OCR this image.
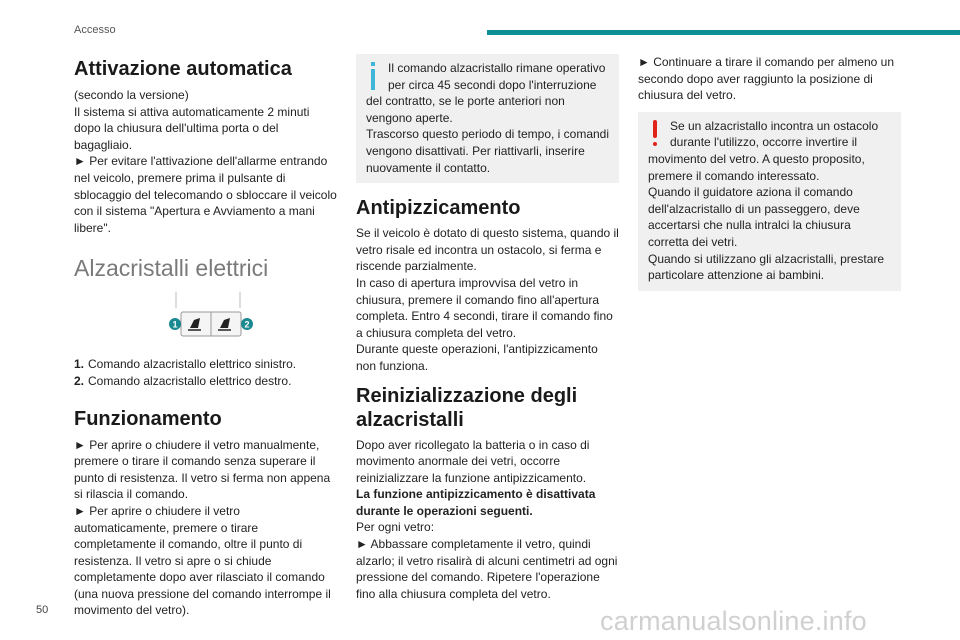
Accesso
Attivazione automatica

(secondo la versione)

Il sistema si attiva automaticamente 2 minuti dopo la chiusura dell'ultima porta o del bagagliaio.

► Per evitare l'attivazione dell'allarme entrando nel veicolo, premere prima il pulsante di sblocaggio del telecomando o sbloccare il veicolo con il sistema "Apertura e Avviamento a mani libere".

Alzacristalli elettrici
1	2

1. Comando alzacristallo elettrico sinistro.

2. Comando alzacristallo elettrico destro.

Funzionamento

► Per aprire o chiudere il vetro manualmente, premere o tirare il comando senza superare il punto di resistenza. Il vetro si ferma non appena si rilascia il comando.

► Per aprire o chiudere il vetro automaticamente, premere o tirare completamente il comando, oltre il punto di resistenza. Il vetro si apre o si chiude completamente dopo aver rilasciato il comando (una nuova pressione del comando interrompe il movimento del vetro).

Il comando alzacristallo rimane operativo per circa 45 secondi dopo l'interruzione del contratto, se le porte anteriori non vengono aperte.

Trascorso questo periodo di tempo, i comandi vengono disattivati. Per riattivarli, inserire nuovamente il contatto.

Antipizzicamento

Se il veicolo è dotato di questo sistema, quando il vetro risale ed incontra un ostacolo, si ferma e riscende parzialmente.

In caso di apertura improvvisa del vetro in chiusura, premere il comando fino all'apertura completa. Entro 4 secondi, tirare il comando fino a chiusura completa del vetro.

Durante queste operazioni, l'antipizzicamento non funziona.

Reinizializzazione degli alzacristalli

Dopo aver ricollegato la batteria o in caso di movimento anormale dei vetri, occorre reinizializzare la funzione antipizzicamento.

La funzione antipizzicamento è disattivata durante le operazioni seguenti.

Per ogni vetro:

► Abbassare completamente il vetro, quindi alzarlo; il vetro risalirà di alcuni centimetri ad ogni pressione del comando. Ripetere l'operazione fino alla chiusura completa del vetro.

► Continuare a tirare il comando per almeno un secondo dopo aver raggiunto la posizione di chiusura del vetro.

Se un alzacristallo incontra un ostacolo durante l'utilizzo, occorre invertire il movimento del vetro. A questo proposito, premere il comando interessato.

Quando il guidatore aziona il comando dell'alzacristallo di un passeggero, deve accertarsi che nulla intralci la chiusura corretta dei vetri.

Quando si utilizzano gli alzacristalli, prestare particolare attenzione ai bambini.

50	carmanualsonline.info
